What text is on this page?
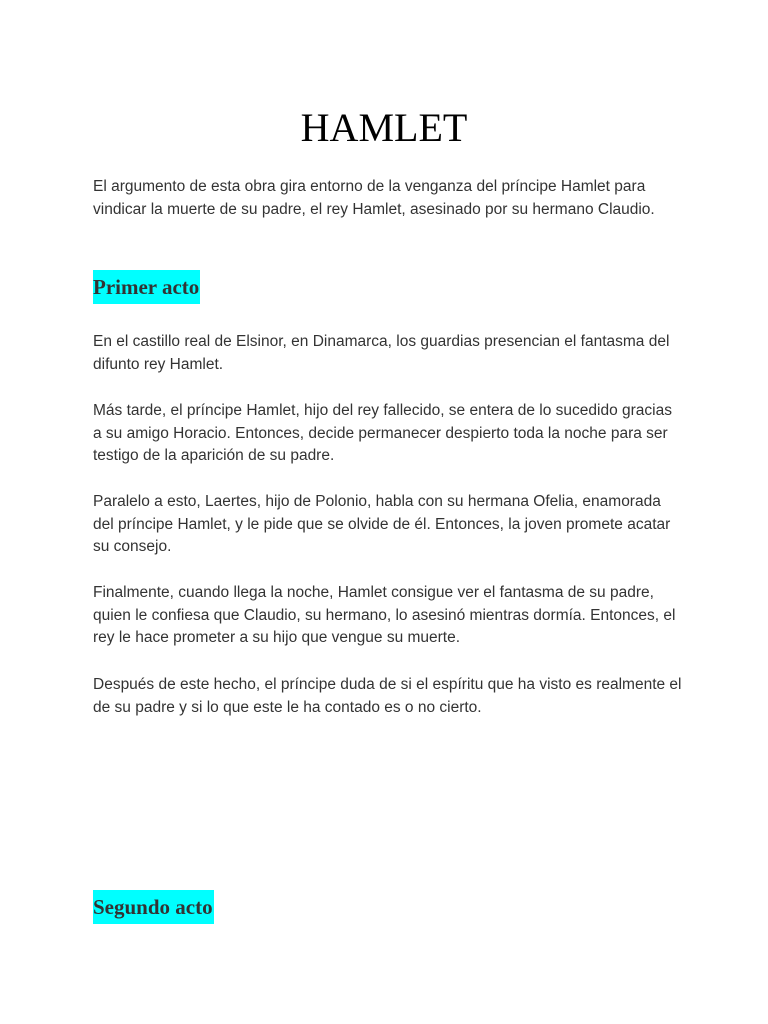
HAMLET

El argumento de esta obra gira entorno de la venganza del príncipe Hamlet para vindicar la muerte de su padre, el rey Hamlet, asesinado por su hermano Claudio.

Primer acto

En el castillo real de Elsinor, en Dinamarca, los guardias presencian el fantasma del difunto rey Hamlet.

Más tarde, el príncipe Hamlet, hijo del rey fallecido, se entera de lo sucedido gracias a su amigo Horacio. Entonces, decide permanecer despierto toda la noche para ser testigo de la aparición de su padre.

Paralelo a esto, Laertes, hijo de Polonio, habla con su hermana Ofelia, enamorada del príncipe Hamlet, y le pide que se olvide de él. Entonces, la joven promete acatar su consejo.

Finalmente, cuando llega la noche, Hamlet consigue ver el fantasma de su padre, quien le confiesa que Claudio, su hermano, lo asesinó mientras dormía. Entonces, el rey le hace prometer a su hijo que vengue su muerte.

Después de este hecho, el príncipe duda de si el espíritu que ha visto es realmente el de su padre y si lo que este le ha contado es o no cierto.

Segundo acto
